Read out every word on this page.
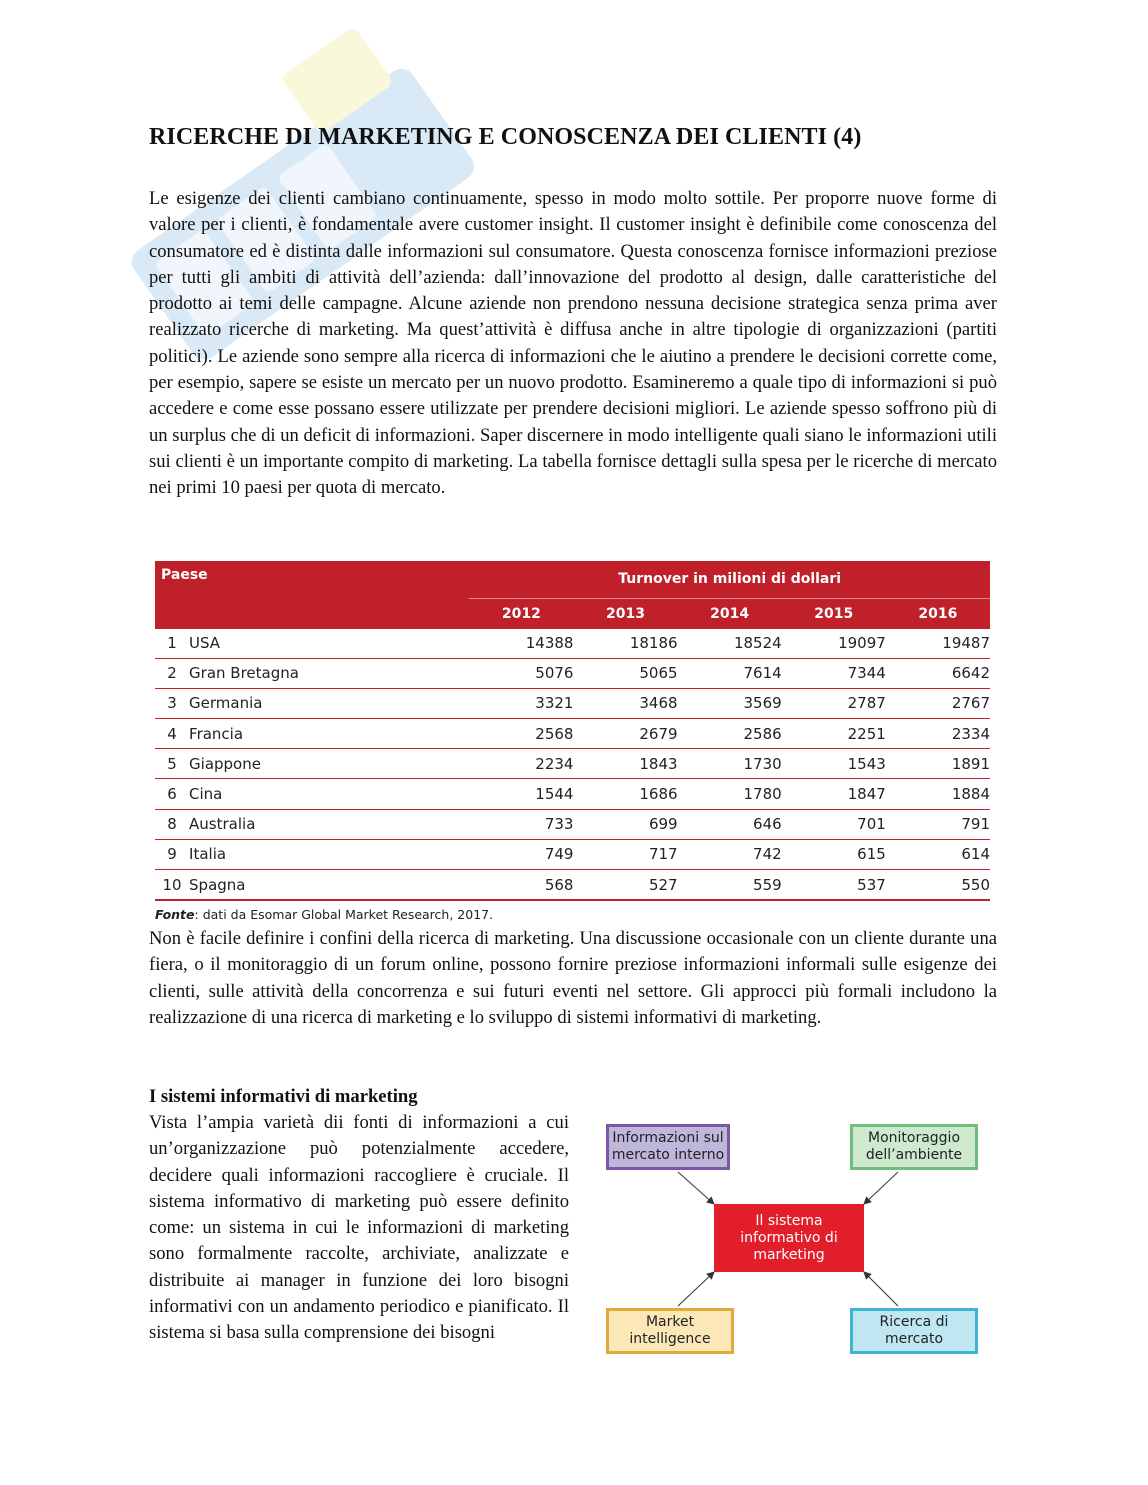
RICERCHE DI MARKETING E CONOSCENZA DEI CLIENTI (4)

Le esigenze dei clienti cambiano continuamente, spesso in modo molto sottile. Per proporre nuove forme di valore per i clienti, è fondamentale avere customer insight. Il customer insight è definibile come conoscenza del consumatore ed è distinta dalle informazioni sul consumatore. Questa conoscenza fornisce informazioni preziose per tutti gli ambiti di attività dell’azienda: dall’innovazione del prodotto al design, dalle caratteristiche del prodotto ai temi delle campagne. Alcune aziende non prendono nessuna decisione strategica senza prima aver realizzato ricerche di marketing. Ma quest’attività è diffusa anche in altre tipologie di organizzazioni (partiti politici). Le aziende sono sempre alla ricerca di informazioni che le aiutino a prendere le decisioni corrette come, per esempio, sapere se esiste un mercato per un nuovo prodotto. Esamineremo a quale tipo di informazioni si può accedere e come esse possano essere utilizzate per prendere decisioni migliori. Le aziende spesso soffrono più di un surplus che di un deficit di informazioni. Saper discernere in modo intelligente quali siano le informazioni utili sui clienti è un importante compito di marketing. La tabella fornisce dettagli sulla spesa per le ricerche di mercato nei primi 10 paesi per quota di mercato.

Paese		Turnover in milioni di dollari				
		2012	2013	2014	2015	2016
1	USA	14388	18186	18524	19097	19487
2	Gran Bretagna	5076	5065	7614	7344	6642
3	Germania	3321	3468	3569	2787	2767
4	Francia	2568	2679	2586	2251	2334
5	Giappone	2234	1843	1730	1543	1891
6	Cina	1544	1686	1780	1847	1884
8	Australia	733	699	646	701	791
9	Italia	749	717	742	615	614
10	Spagna	568	527	559	537	550
Fonte: dati da Esomar Global Market Research, 2017.

Non è facile definire i confini della ricerca di marketing. Una discussione occasionale con un cliente durante una fiera, o il monitoraggio di un forum online, possono fornire preziose informazioni informali sulle esigenze dei clienti, sulle attività della concorrenza e sui futuri eventi nel settore. Gli approcci più formali includono la realizzazione di una ricerca di marketing e lo sviluppo di sistemi informativi di marketing.

I sistemi informativi di marketing

Vista l’ampia varietà dii fonti di informazioni a cui un’organizzazione può potenzialmente accedere, decidere quali informazioni raccogliere è cruciale. Il sistema informativo di marketing può essere definito come: un sistema in cui le informazioni di marketing sono formalmente raccolte, archiviate, analizzate e distribuite ai manager in funzione dei loro bisogni informativi con un andamento periodico e pianificato. Il sistema si basa sulla comprensione dei bisogni

Informazioni sul mercato interno
Monitoraggio dell’ambiente
Il sistema informativo di marketing
Market intelligence
Ricerca di mercato
